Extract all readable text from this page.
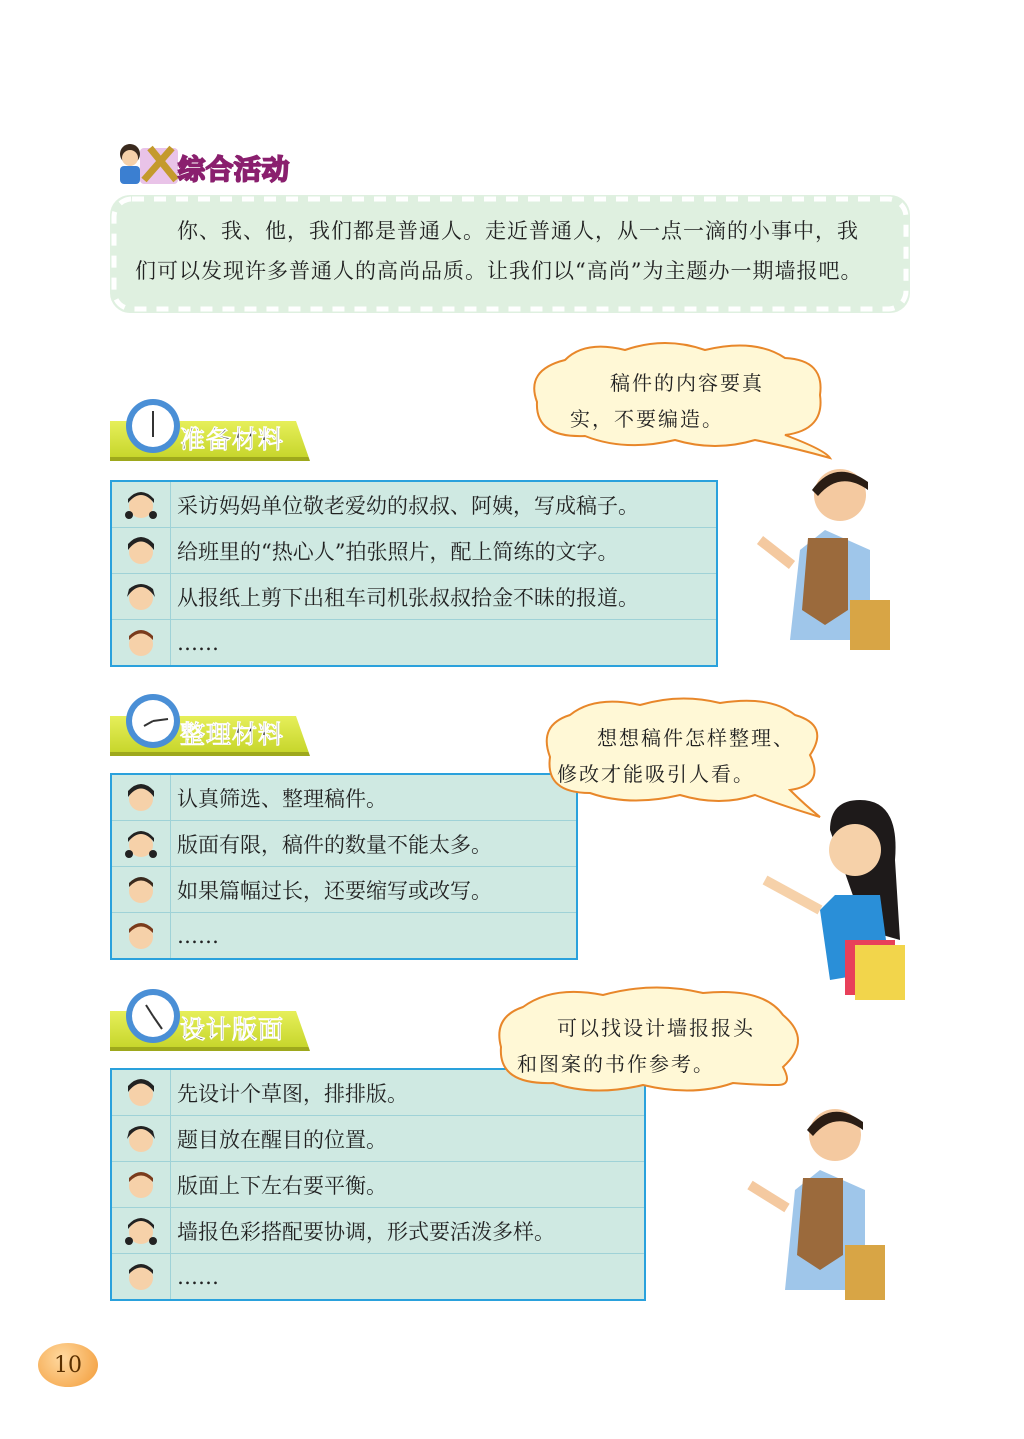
综合活动
你、我、他，我们都是普通人。走近普通人，从一点一滴的小事中，我
们可以发现许多普通人的高尚品质。让我们以“高尚”为主题办一期墙报吧。
准备材料
采访妈妈单位敬老爱幼的叔叔、阿姨，写成稿子。
给班里的“热心人”拍张照片，配上简练的文字。
从报纸上剪下出租车司机张叔叔拾金不昧的报道。
……
稿件的内容要真
实，不要编造。
整理材料
认真筛选、整理稿件。
版面有限，稿件的数量不能太多。
如果篇幅过长，还要缩写或改写。
……
想想稿件怎样整理、
修改才能吸引人看。
设计版面
先设计个草图，排排版。
题目放在醒目的位置。
版面上下左右要平衡。
墙报色彩搭配要协调，形式要活泼多样。
……
可以找设计墙报报头
和图案的书作参考。
10
